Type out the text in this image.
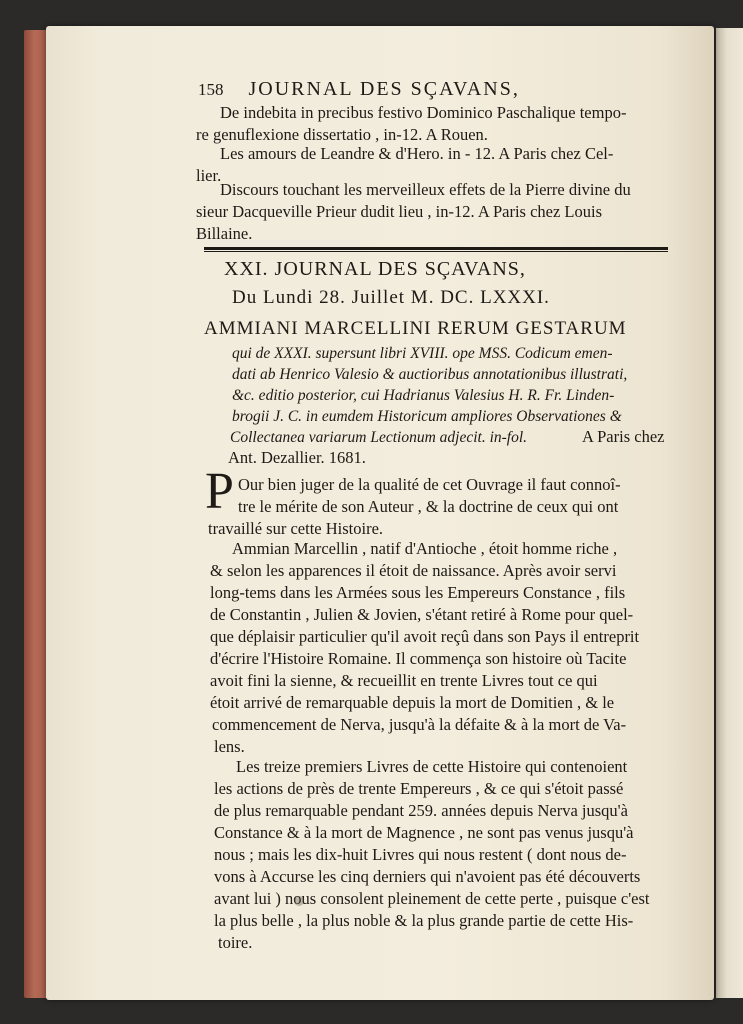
158 JOURNAL DES SÇAVANS,
De indebita in precibus festivo Dominico Paschalique tempo-
re genuflexione dissertatio , in-12. A Rouen.
Les amours de Leandre & d'Hero. in - 12. A Paris chez Cel-
lier.
Discours touchant les merveilleux effets de la Pierre divine du
sieur Dacqueville Prieur dudit lieu , in-12. A Paris chez Louis
Billaine.
XXI. JOURNAL DES SÇAVANS,
Du Lundi 28. Juillet M. DC. LXXXI.
AMMIANI MARCELLINI RERUM GESTARUM
qui de XXXI. supersunt libri XVIII. ope MSS. Codicum emen-
dati ab Henrico Valesio & auctioribus annotationibus illustrati,
&c. editio posterior, cui Hadrianus Valesius H. R. Fr. Linden-
brogii J. C. in eumdem Historicum ampliores Observationes &
Collectanea variarum Lectionum adjecit. in-fol.	A Paris chez
Ant. Dezallier. 1681.
P Our bien juger de la qualité de cet Ouvrage il faut connoî-
tre le mérite de son Auteur , & la doctrine de ceux qui ont
travaillé sur cette Histoire.
Ammian Marcellin , natif d'Antioche , étoit homme riche ,
& selon les apparences il étoit de naissance. Après avoir servi
long-tems dans les Armées sous les Empereurs Constance , fils
de Constantin , Julien & Jovien, s'étant retiré à Rome pour quel-
que déplaisir particulier qu'il avoit reçû dans son Pays il entreprit
d'écrire l'Histoire Romaine. Il commença son histoire où Tacite
avoit fini la sienne, & recueillit en trente Livres tout ce qui
étoit arrivé de remarquable depuis la mort de Domitien , & le
commencement de Nerva, jusqu'à la défaite & à la mort de Va-
lens.
Les treize premiers Livres de cette Histoire qui contenoient
les actions de près de trente Empereurs , & ce qui s'étoit passé
de plus remarquable pendant 259. années depuis Nerva jusqu'à
Constance & à la mort de Magnence , ne sont pas venus jusqu'à
nous ; mais les dix-huit Livres qui nous restent ( dont nous de-
vons à Accurse les cinq derniers qui n'avoient pas été découverts
avant lui ) nous consolent pleinement de cette perte , puisque c'est
la plus belle , la plus noble & la plus grande partie de cette His-
toire.
